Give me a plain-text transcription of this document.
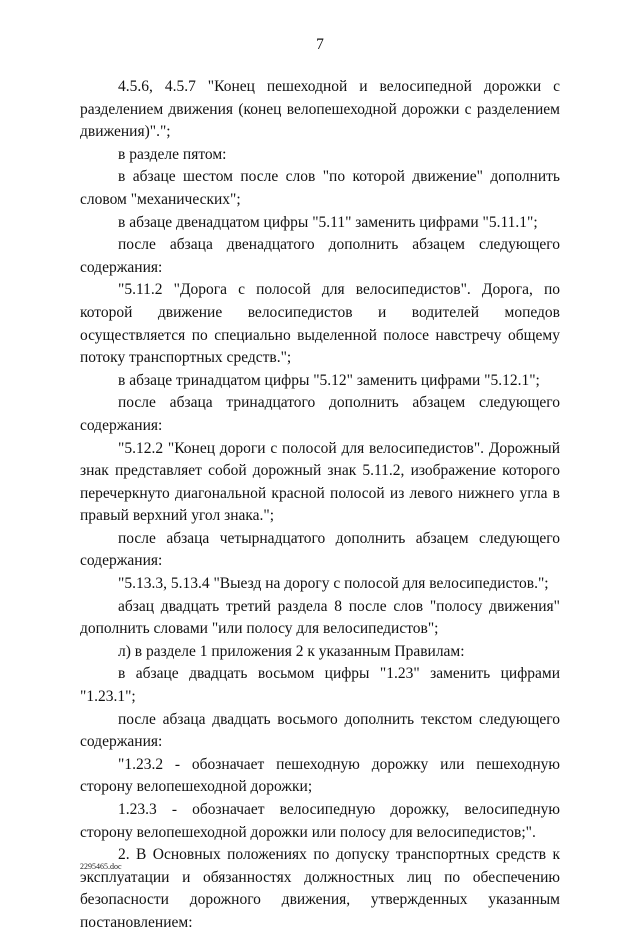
7

4.5.6, 4.5.7 "Конец пешеходной и велосипедной дорожки с разделением движения (конец велопешеходной дорожки с разделением движения)".";

в разделе пятом:

в абзаце шестом после слов "по которой движение" дополнить словом "механических";

в абзаце двенадцатом цифры "5.11" заменить цифрами "5.11.1";

после абзаца двенадцатого дополнить абзацем следующего содержания:

"5.11.2 "Дорога с полосой для велосипедистов". Дорога, по которой движение велосипедистов и водителей мопедов осуществляется по специально выделенной полосе навстречу общему потоку транспортных средств.";

в абзаце тринадцатом цифры "5.12" заменить цифрами "5.12.1";

после абзаца тринадцатого дополнить абзацем следующего содержания:

"5.12.2 "Конец дороги с полосой для велосипедистов". Дорожный знак представляет собой дорожный знак 5.11.2, изображение которого перечеркнуто диагональной красной полосой из левого нижнего угла в правый верхний угол знака.";

после абзаца четырнадцатого дополнить абзацем следующего содержания:

"5.13.3, 5.13.4 "Выезд на дорогу с полосой для велосипедистов.";

абзац двадцать третий раздела 8 после слов "полосу движения" дополнить словами "или полосу для велосипедистов";

л) в разделе 1 приложения 2 к указанным Правилам:

в абзаце двадцать восьмом цифры "1.23" заменить цифрами "1.23.1";

после абзаца двадцать восьмого дополнить текстом следующего содержания:

"1.23.2 - обозначает пешеходную дорожку или пешеходную сторону велопешеходной дорожки;

1.23.3 - обозначает велосипедную дорожку, велосипедную сторону велопешеходной дорожки или полосу для велосипедистов;".

2. В Основных положениях по допуску транспортных средств к эксплуатации и обязанностях должностных лиц по обеспечению безопасности дорожного движения, утвержденных указанным постановлением:

2295465.doc
